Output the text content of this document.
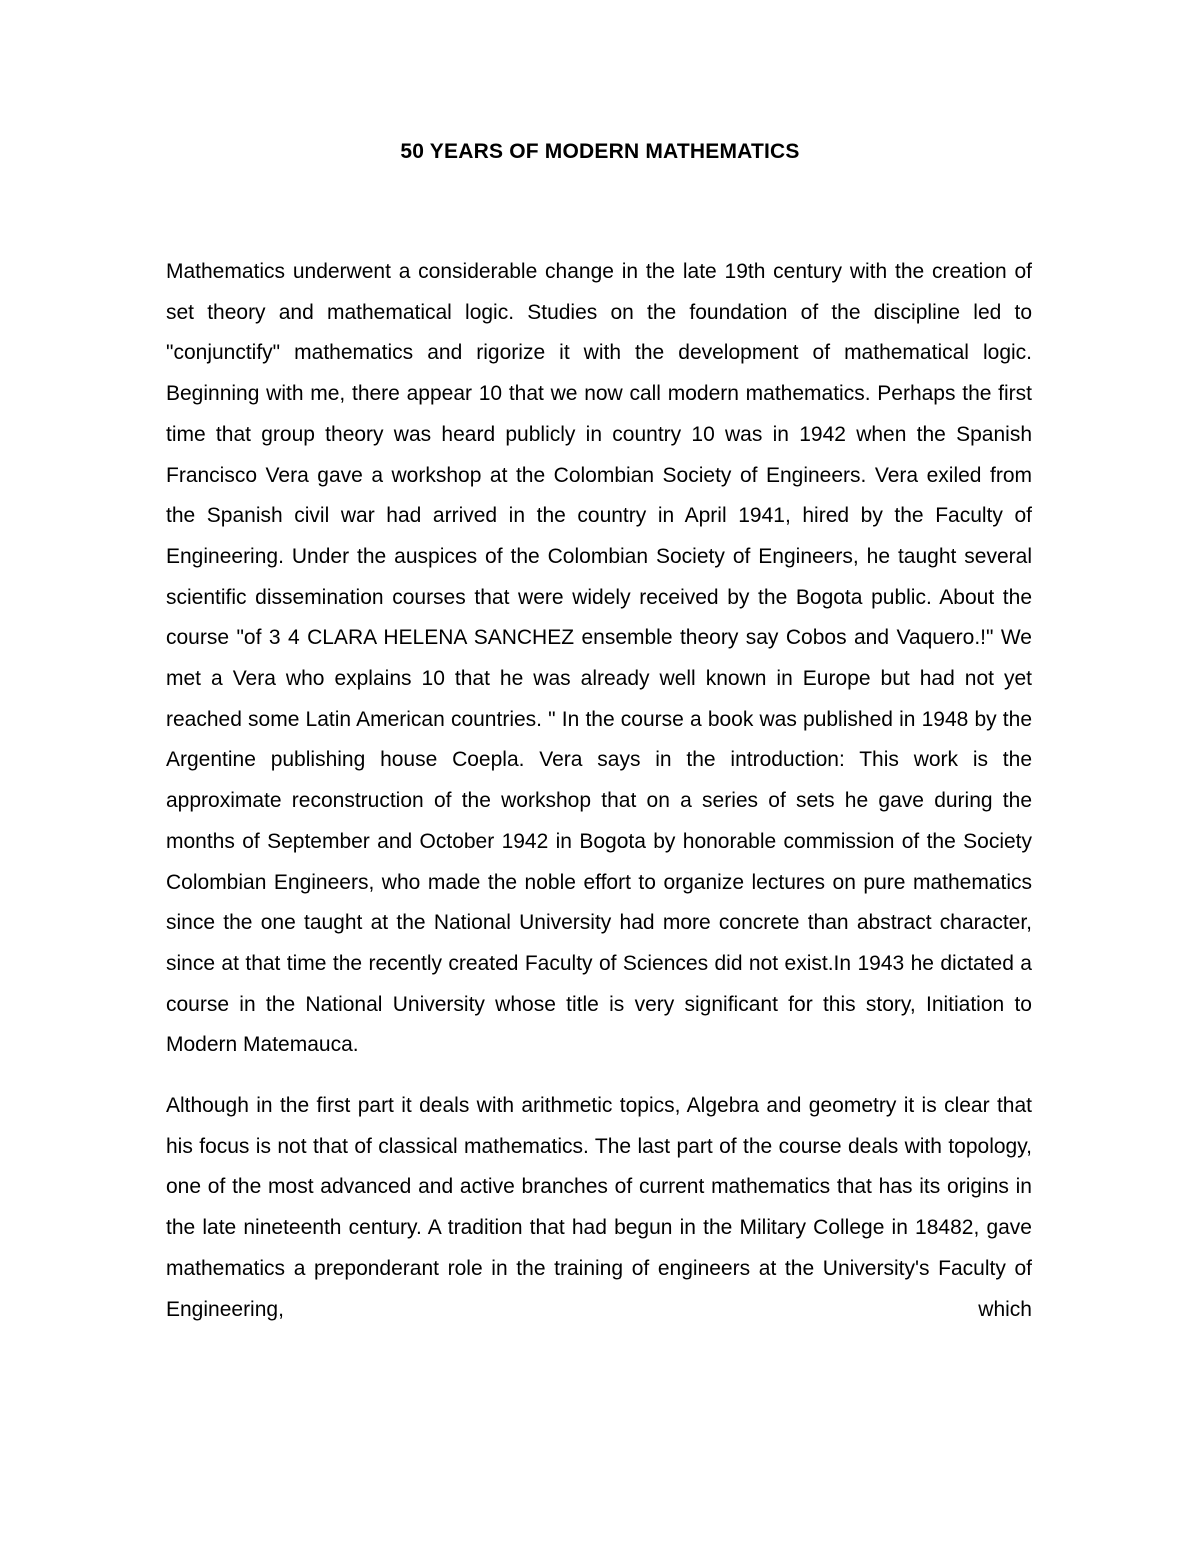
50 YEARS OF MODERN MATHEMATICS

Mathematics underwent a considerable change in the late 19th century with the creation of set theory and mathematical logic. Studies on the foundation of the discipline led to "conjunctify" mathematics and rigorize it with the development of mathematical logic. Beginning with me, there appear 10 that we now call modern mathematics. Perhaps the first time that group theory was heard publicly in country 10 was in 1942 when the Spanish Francisco Vera gave a workshop at the Colombian Society of Engineers. Vera exiled from the Spanish civil war had arrived in the country in April 1941, hired by the Faculty of Engineering. Under the auspices of the Colombian Society of Engineers, he taught several scientific dissemination courses that were widely received by the Bogota public. About the course "of 3 4 CLARA HELENA SANCHEZ ensemble theory say Cobos and Vaquero.!" We met a Vera who explains 10 that he was already well known in Europe but had not yet reached some Latin American countries. " In the course a book was published in 1948 by the Argentine publishing house Coepla. Vera says in the introduction: This work is the approximate reconstruction of the workshop that on a series of sets he gave during the months of September and October 1942 in Bogota by honorable commission of the Society Colombian Engineers, who made the noble effort to organize lectures on pure mathematics since the one taught at the National University had more concrete than abstract character, since at that time the recently created Faculty of Sciences did not exist.In 1943 he dictated a course in the National University whose title is very significant for this story, Initiation to Modern Matemauca.

Although in the first part it deals with arithmetic topics, Algebra and geometry it is clear that his focus is not that of classical mathematics. The last part of the course deals with topology, one of the most advanced and active branches of current mathematics that has its origins in the late nineteenth century. A tradition that had begun in the Military College in 18482, gave mathematics a preponderant role in the training of engineers at the University's Faculty of Engineering, which
